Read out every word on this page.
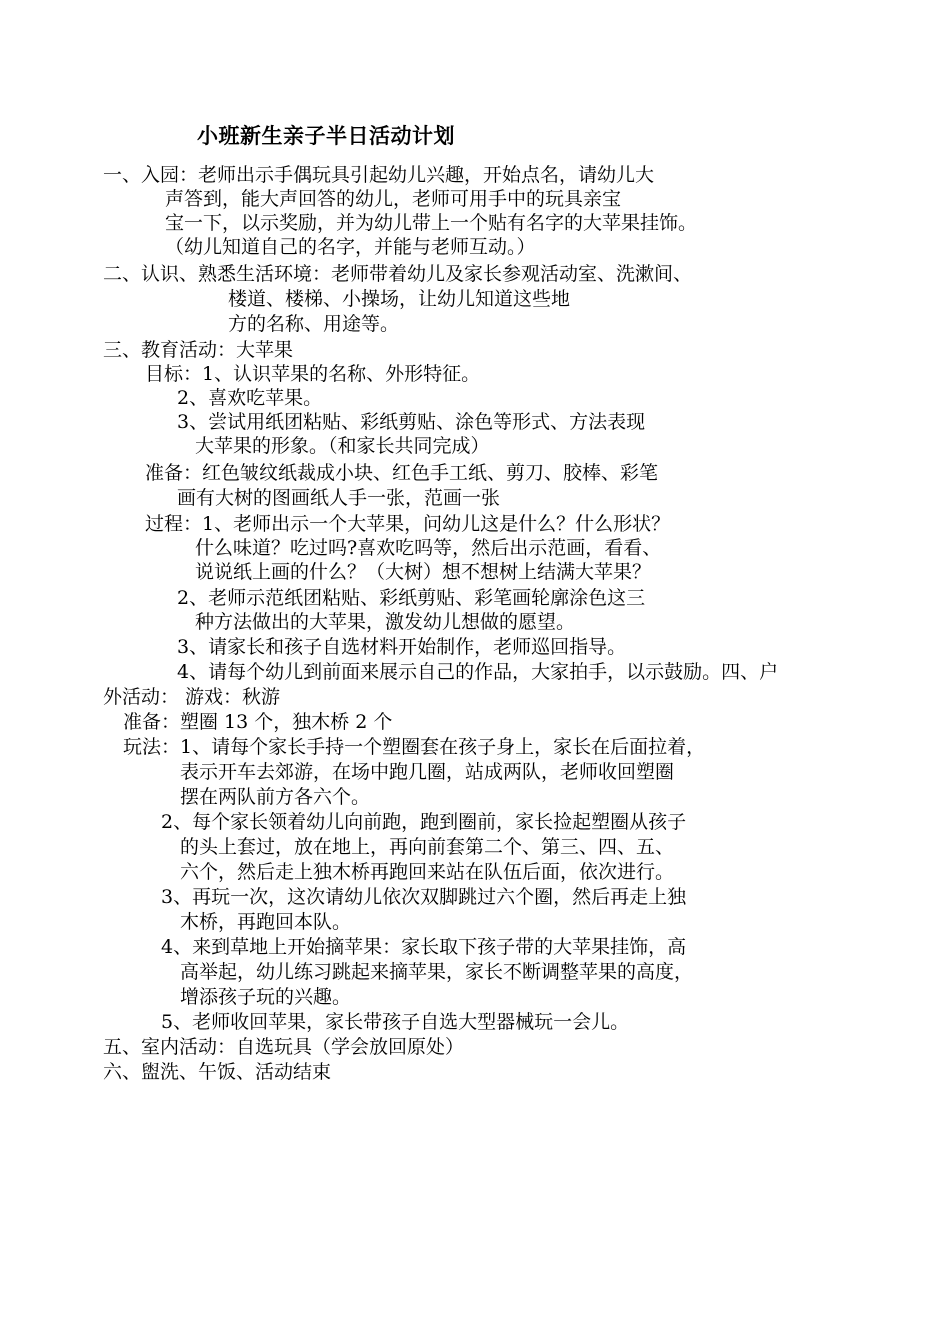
小班新生亲子半日活动计划
一、入园：老师出示手偶玩具引起幼儿兴趣，开始点名，请幼儿大
声答到，能大声回答的幼儿，老师可用手中的玩具亲宝
宝一下，以示奖励，并为幼儿带上一个贴有名字的大苹果挂饰。
（幼儿知道自己的名字，并能与老师互动。）
二、认识、熟悉生活环境：老师带着幼儿及家长参观活动室、洗漱间、
楼道、楼梯、小操场，让幼儿知道这些地
方的名称、用途等。
三、教育活动：大苹果
目标：1、认识苹果的名称、外形特征。
2、喜欢吃苹果。
3、尝试用纸团粘贴、彩纸剪贴、涂色等形式、方法表现
大苹果的形象。（和家长共同完成）
准备：红色皱纹纸裁成小块、红色手工纸、剪刀、胶棒、彩笔
画有大树的图画纸人手一张，范画一张
过程：1、老师出示一个大苹果，问幼儿这是什么？什么形状？
什么味道？吃过吗?喜欢吃吗等，然后出示范画，看看、
说说纸上画的什么？（大树）想不想树上结满大苹果？
2、老师示范纸团粘贴、彩纸剪贴、彩笔画轮廓涂色这三
种方法做出的大苹果，激发幼儿想做的愿望。
3、请家长和孩子自选材料开始制作，老师巡回指导。
4、请每个幼儿到前面来展示自己的作品，大家拍手，以示鼓励。四、户
外活动： 游戏：秋游
准备：塑圈 13 个，独木桥 2 个
玩法：1、请每个家长手持一个塑圈套在孩子身上，家长在后面拉着，
表示开车去郊游，在场中跑几圈，站成两队，老师收回塑圈
摆在两队前方各六个。
2、每个家长领着幼儿向前跑，跑到圈前，家长捡起塑圈从孩子
的头上套过，放在地上，再向前套第二个、第三、四、五、
六个，然后走上独木桥再跑回来站在队伍后面，依次进行。
3、再玩一次，这次请幼儿依次双脚跳过六个圈，然后再走上独
木桥，再跑回本队。
4、来到草地上开始摘苹果：家长取下孩子带的大苹果挂饰，高
高举起，幼儿练习跳起来摘苹果，家长不断调整苹果的高度，
增添孩子玩的兴趣。
5、老师收回苹果，家长带孩子自选大型器械玩一会儿。
五、室内活动：自选玩具（学会放回原处）
六、盥洗、午饭、活动结束
